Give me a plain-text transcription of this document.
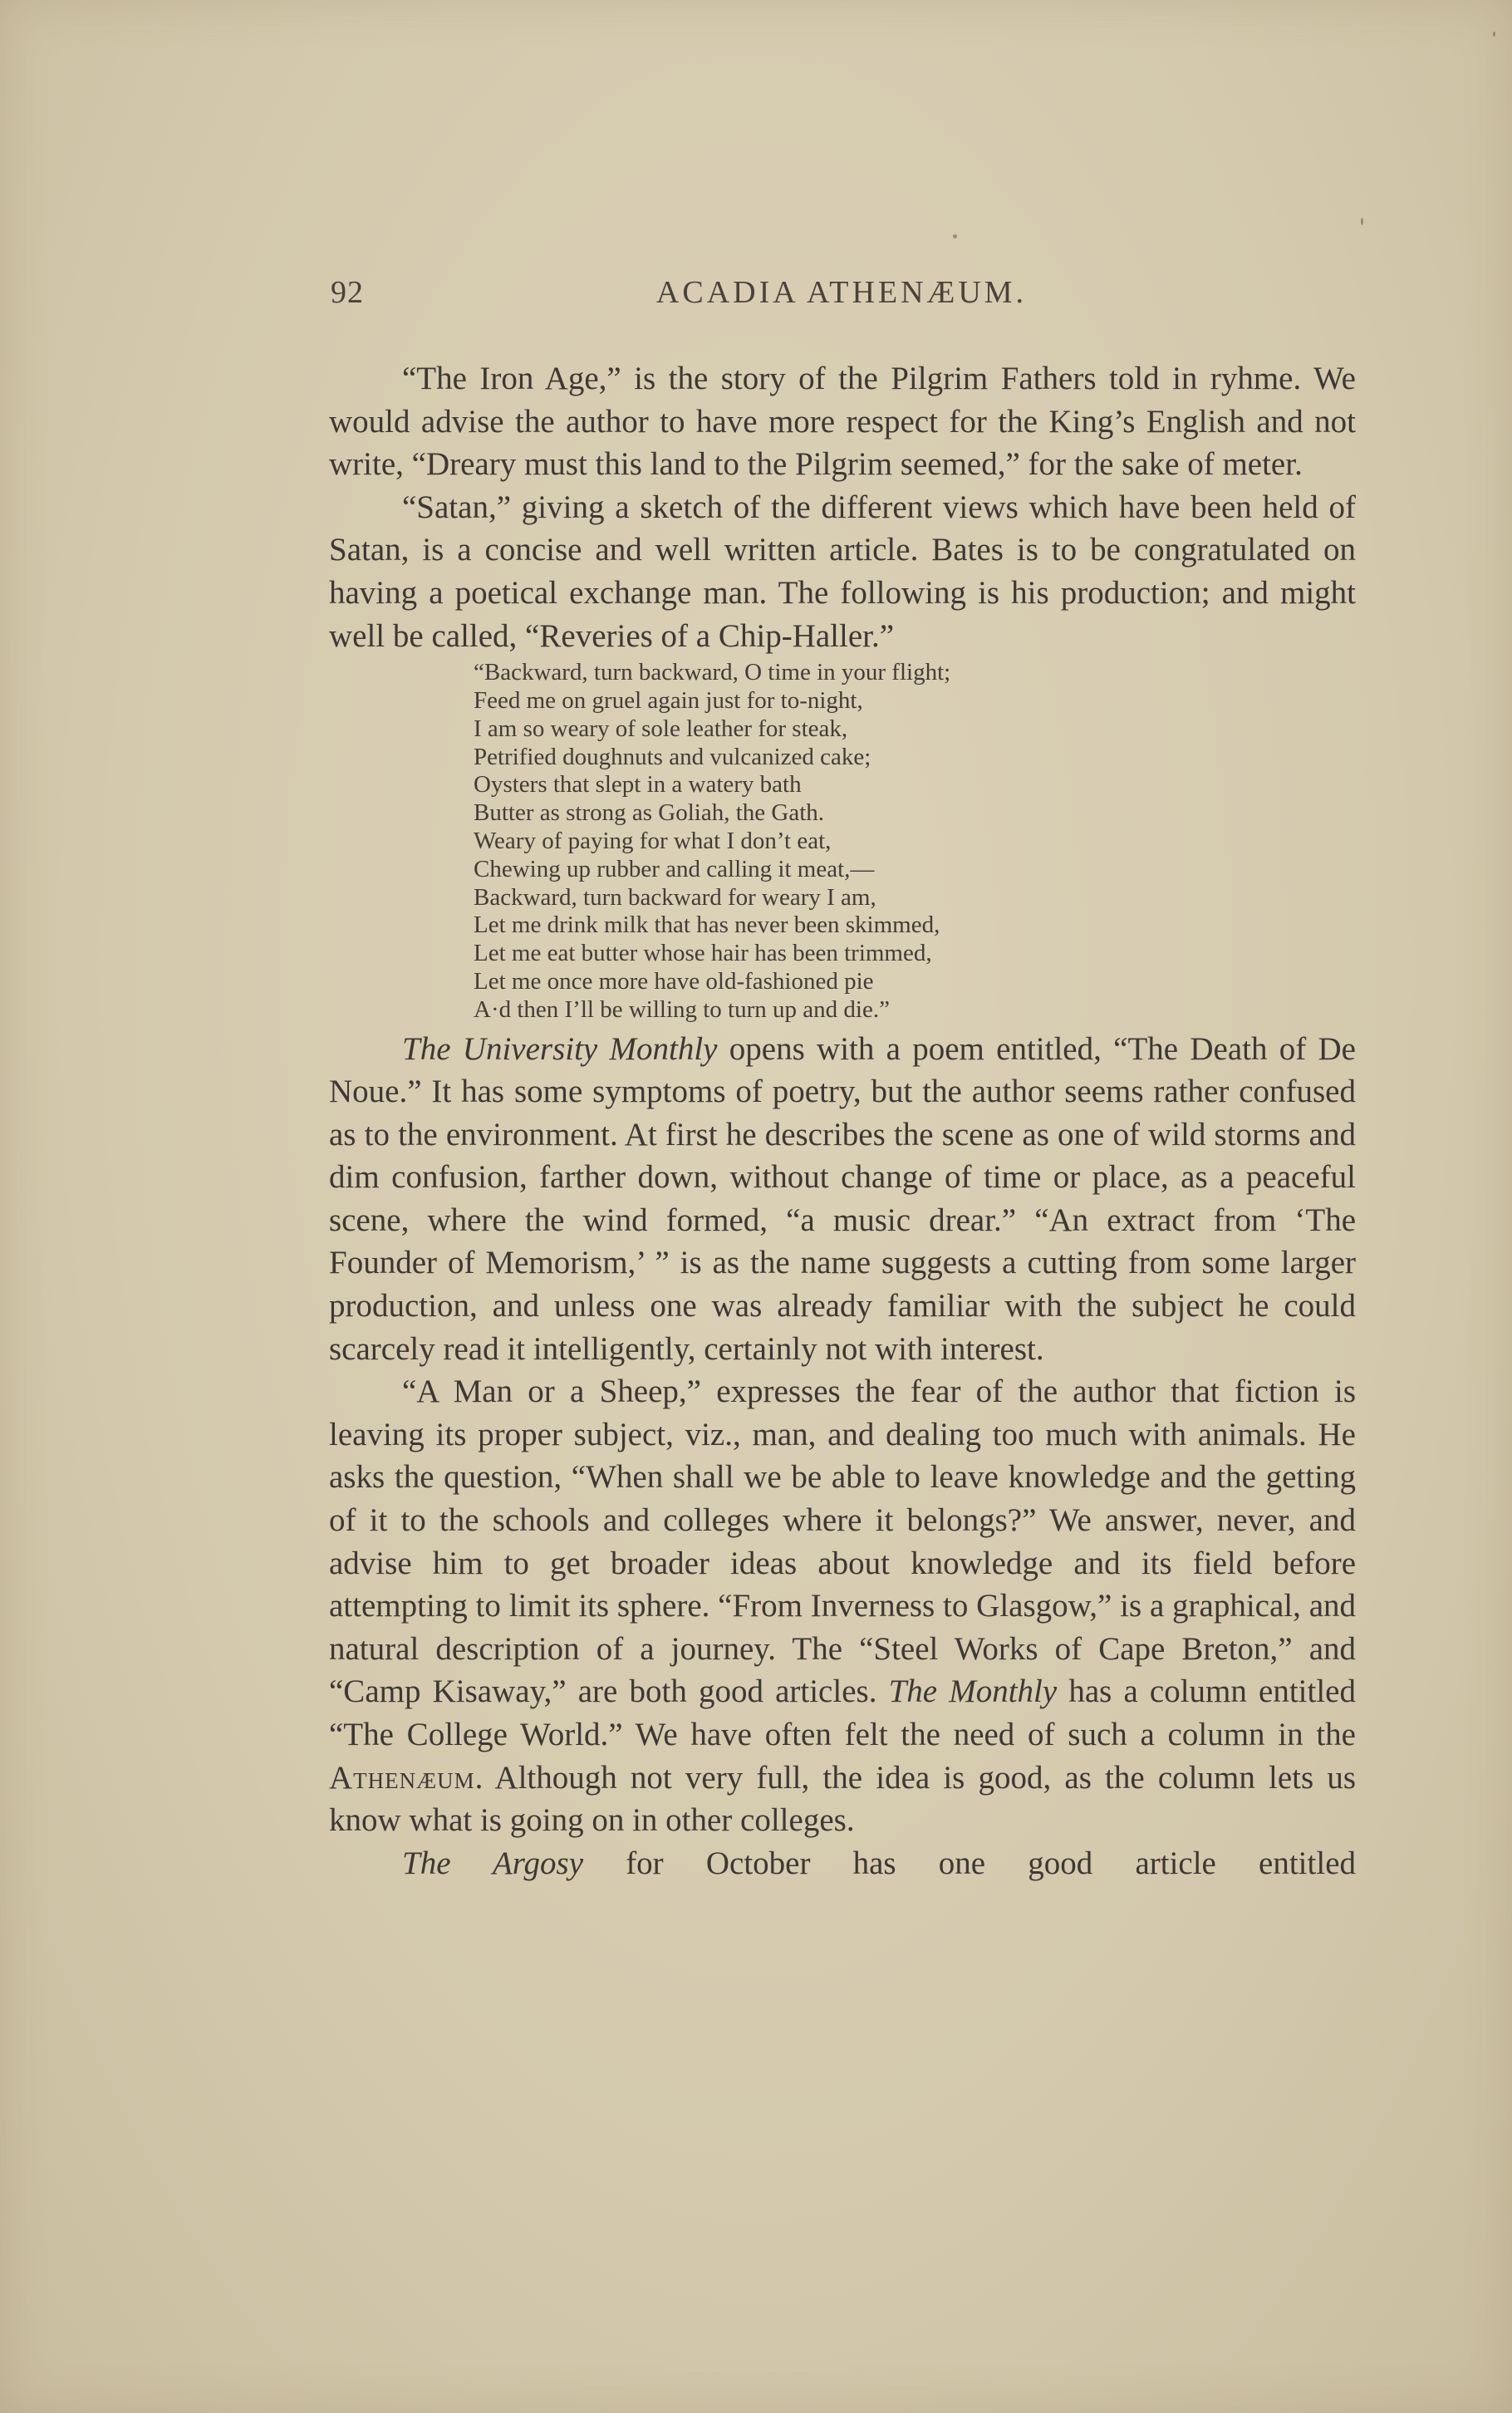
92	ACADIA ATHENÆUM.

“The Iron Age,” is the story of the Pilgrim Fathers told in ryhme. We would advise the author to have more respect for the King’s English and not write, “Dreary must this land to the Pilgrim seemed,” for the sake of meter.

“Satan,” giving a sketch of the different views which have been held of Satan, is a concise and well written article. Bates is to be congratulated on having a poetical exchange man. The following is his production; and might well be called, “Reveries of a Chip-Haller.”

“Backward, turn backward, O time in your flight;
Feed me on gruel again just for to-night,
I am so weary of sole leather for steak,
Petrified doughnuts and vulcanized cake;
Oysters that slept in a watery bath
Butter as strong as Goliah, the Gath.
Weary of paying for what I don’t eat,
Chewing up rubber and calling it meat,—
Backward, turn backward for weary I am,
Let me drink milk that has never been skimmed,
Let me eat butter whose hair has been trimmed,
Let me once more have old-fashioned pie
A·d then I’ll be willing to turn up and die.”

The University Monthly opens with a poem entitled, “The Death of De Noue.” It has some symptoms of poetry, but the author seems rather confused as to the environment. At first he describes the scene as one of wild storms and dim confusion, farther down, without change of time or place, as a peaceful scene, where the wind formed, “a music drear.” “An extract from ‘The Founder of Memorism,’ ” is as the name suggests a cutting from some larger production, and unless one was already familiar with the subject he could scarcely read it intelligently, certainly not with interest.

“A Man or a Sheep,” expresses the fear of the author that fiction is leaving its proper subject, viz., man, and dealing too much with animals. He asks the question, “When shall we be able to leave knowledge and the getting of it to the schools and colleges where it belongs?” We answer, never, and advise him to get broader ideas about knowledge and its field before attempting to limit its sphere. “From Inverness to Glasgow,” is a graphical, and natural description of a journey. The “Steel Works of Cape Breton,” and “Camp Kisaway,” are both good articles. The Monthly has a column entitled “The College World.” We have often felt the need of such a column in the Athenæum. Although not very full, the idea is good, as the column lets us know what is going on in other colleges.

The Argosy for October has one good article entitled
